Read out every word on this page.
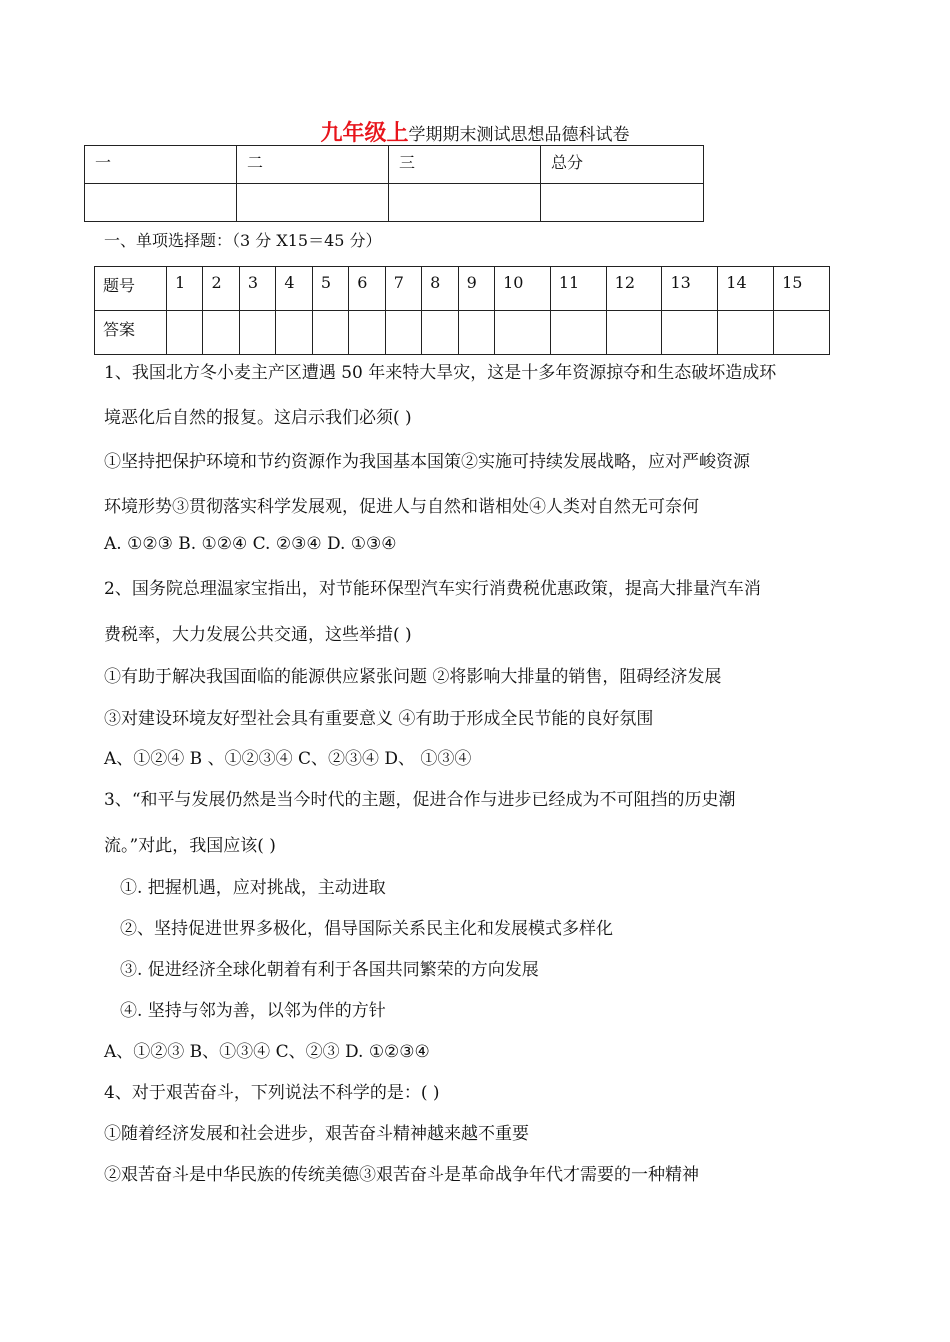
九年级上学期期末测试思想品德科试卷
一	二	三	总分

一、单项选择题：（3 分 X15＝45 分）
题号	1	2	3	4	5	6	7	8	9	10	11	12	13	14	15
答案															
1、我国北方冬小麦主产区遭遇 50 年来特大旱灾，这是十多年资源掠夺和生态破坏造成环
境恶化后自然的报复。这启示我们必须( )
①坚持把保护环境和节约资源作为我国基本国策②实施可持续发展战略，应对严峻资源
环境形势③贯彻落实科学发展观，促进人与自然和谐相处④人类对自然无可奈何
A. ①②③ B. ①②④ C. ②③④ D. ①③④
2、国务院总理温家宝指出，对节能环保型汽车实行消费税优惠政策，提高大排量汽车消
费税率，大力发展公共交通，这些举措( )
①有助于解决我国面临的能源供应紧张问题 ②将影响大排量的销售，阻碍经济发展
③对建设环境友好型社会具有重要意义 ④有助于形成全民节能的良好氛围
A、①②④ B 、①②③④ C、②③④ D、 ①③④
3、“和平与发展仍然是当今时代的主题，促进合作与进步已经成为不可阻挡的历史潮
流。”对此，我国应该( )
①. 把握机遇，应对挑战，主动进取
②、坚持促进世界多极化，倡导国际关系民主化和发展模式多样化
③. 促进经济全球化朝着有利于各国共同繁荣的方向发展
④. 坚持与邻为善，以邻为伴的方针
A、①②③ B、①③④ C、②③ D. ①②③④
4、对于艰苦奋斗，下列说法不科学的是：( )
①随着经济发展和社会进步，艰苦奋斗精神越来越不重要
②艰苦奋斗是中华民族的传统美德③艰苦奋斗是革命战争年代才需要的一种精神
